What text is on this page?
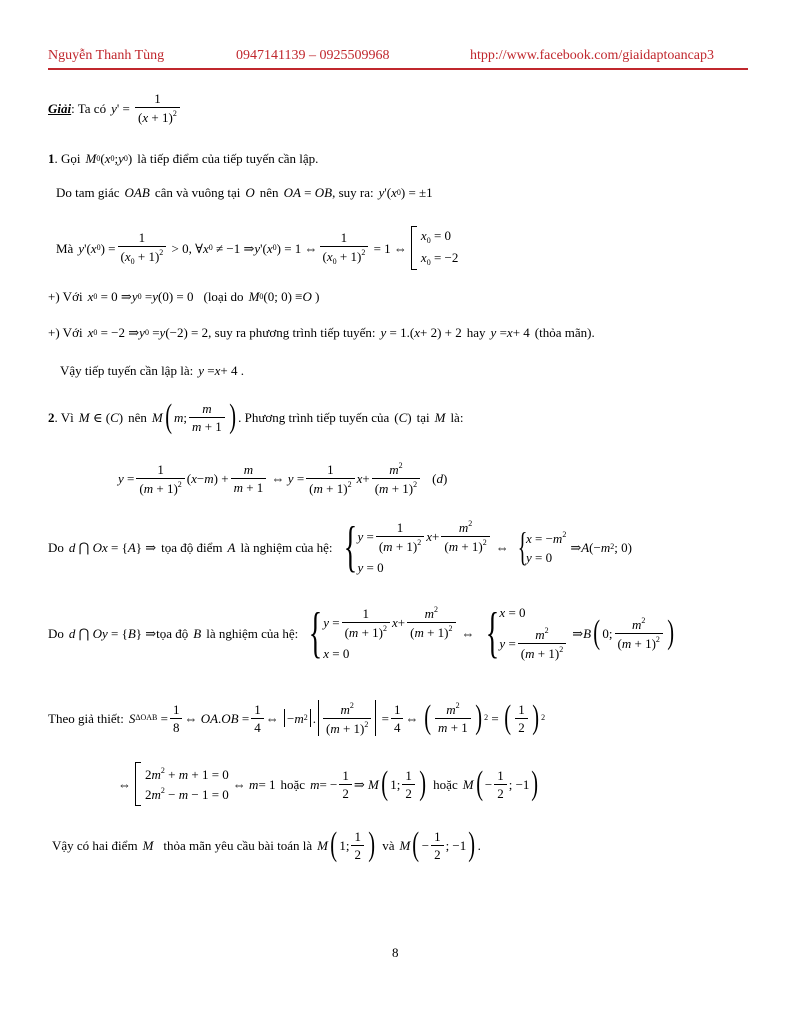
Nguyễn Thanh Tùng	0947141139 – 0925509968	htpp://www.facebook.com/giaidaptoancap3
Giải : Ta có y ' = $\frac{1}{(x + 1)^2}$
1 . Gọi M 0 ( x 0 ; y 0 ) là tiếp điểm của tiếp tuyến cần lập.
Do tam giác OAB cân và vuông tại O nên OA = OB , suy ra: y '( x 0 ) = ±1
Mà y '( x 0 ) = $\frac{1}{(x_0 + 1)^2} > 0$, ∀ x 0 ≠ −1 ⇒ y '( x 0 ) = 1 ⇔ $\frac{1}{(x_0 + 1)^2} = 1$ ⇔
$x_0 = 0$
$x_0 = -2$
+) Với x 0 = 0 ⇒ y 0 = y (0) = 0 (loại do M 0 (0; 0) ≡ O )
+) Với x 0 = −2 ⇒ y 0 = y (−2) = 2 , suy ra phương trình tiếp tuyến: y = 1.( x + 2) + 2 hay y = x + 4 (thỏa mãn).
Vậy tiếp tuyến cần lập là: y = x + 4 .
2 . Vì M ∈ ( C ) nên M ( m ; $\frac{m}{m + 1}$ ) . Phương trình tiếp tuyến của ( C ) tại M là:
$y = \frac{1}{(m + 1)^2}$ ( x − m ) + $\frac{m}{m + 1}$ ⇔ $y = \frac{1}{(m + 1)^2}$ $x + \frac{m^2}{(m + 1)^2}$ ( d )
Do d ⋂ Ox = { A } ⇒ tọa độ điểm A là nghiệm của hệ: { $y = \frac{1}{(m + 1)^2}$ $x + \frac{m^2}{(m + 1)^2}$
y = 0
⇔ {
$x = -m^2$
y = 0
⇒ A (− m 2 ; 0)
Do d ⋂ Oy = { B } ⇒ tọa độ B là nghiệm của hệ: { $y = \frac{1}{(m + 1)^2}$ $x + \frac{m^2}{(m + 1)^2}$
x = 0
⇔ { x = 0
$y = \frac{m^2}{(m + 1)^2}$ ⇒ B ( 0; $\frac{m^2}{(m + 1)^2}$ )
Theo giả thiết: S $\Delta OAB = \frac{1}{8}$ ⇔ OA . OB = $\frac{1}{4}$ ⇔
− m 2 . $\frac{m^2}{(m + 1)^2} = \frac{1}{4}$ ⇔ ( $\frac{m^2}{m + 1}$ ) 2 = ( $\frac{1}{2}$ ) 2
⇔
$2m^2 + m + 1 = 0$
$2m^2 - m - 1 = 0$
⇔ m = 1 hoặc m = − $\frac{1}{2}$ ⇒ M ( 1; $\frac{1}{2}$ ) hoặc M ( − $\frac{1}{2}$ ; −1 )
Vậy có hai điểm M thỏa mãn yêu cầu bài toán là M ( 1; $\frac{1}{2}$ ) và M ( − $\frac{1}{2}$ ; −1 ) .
8
